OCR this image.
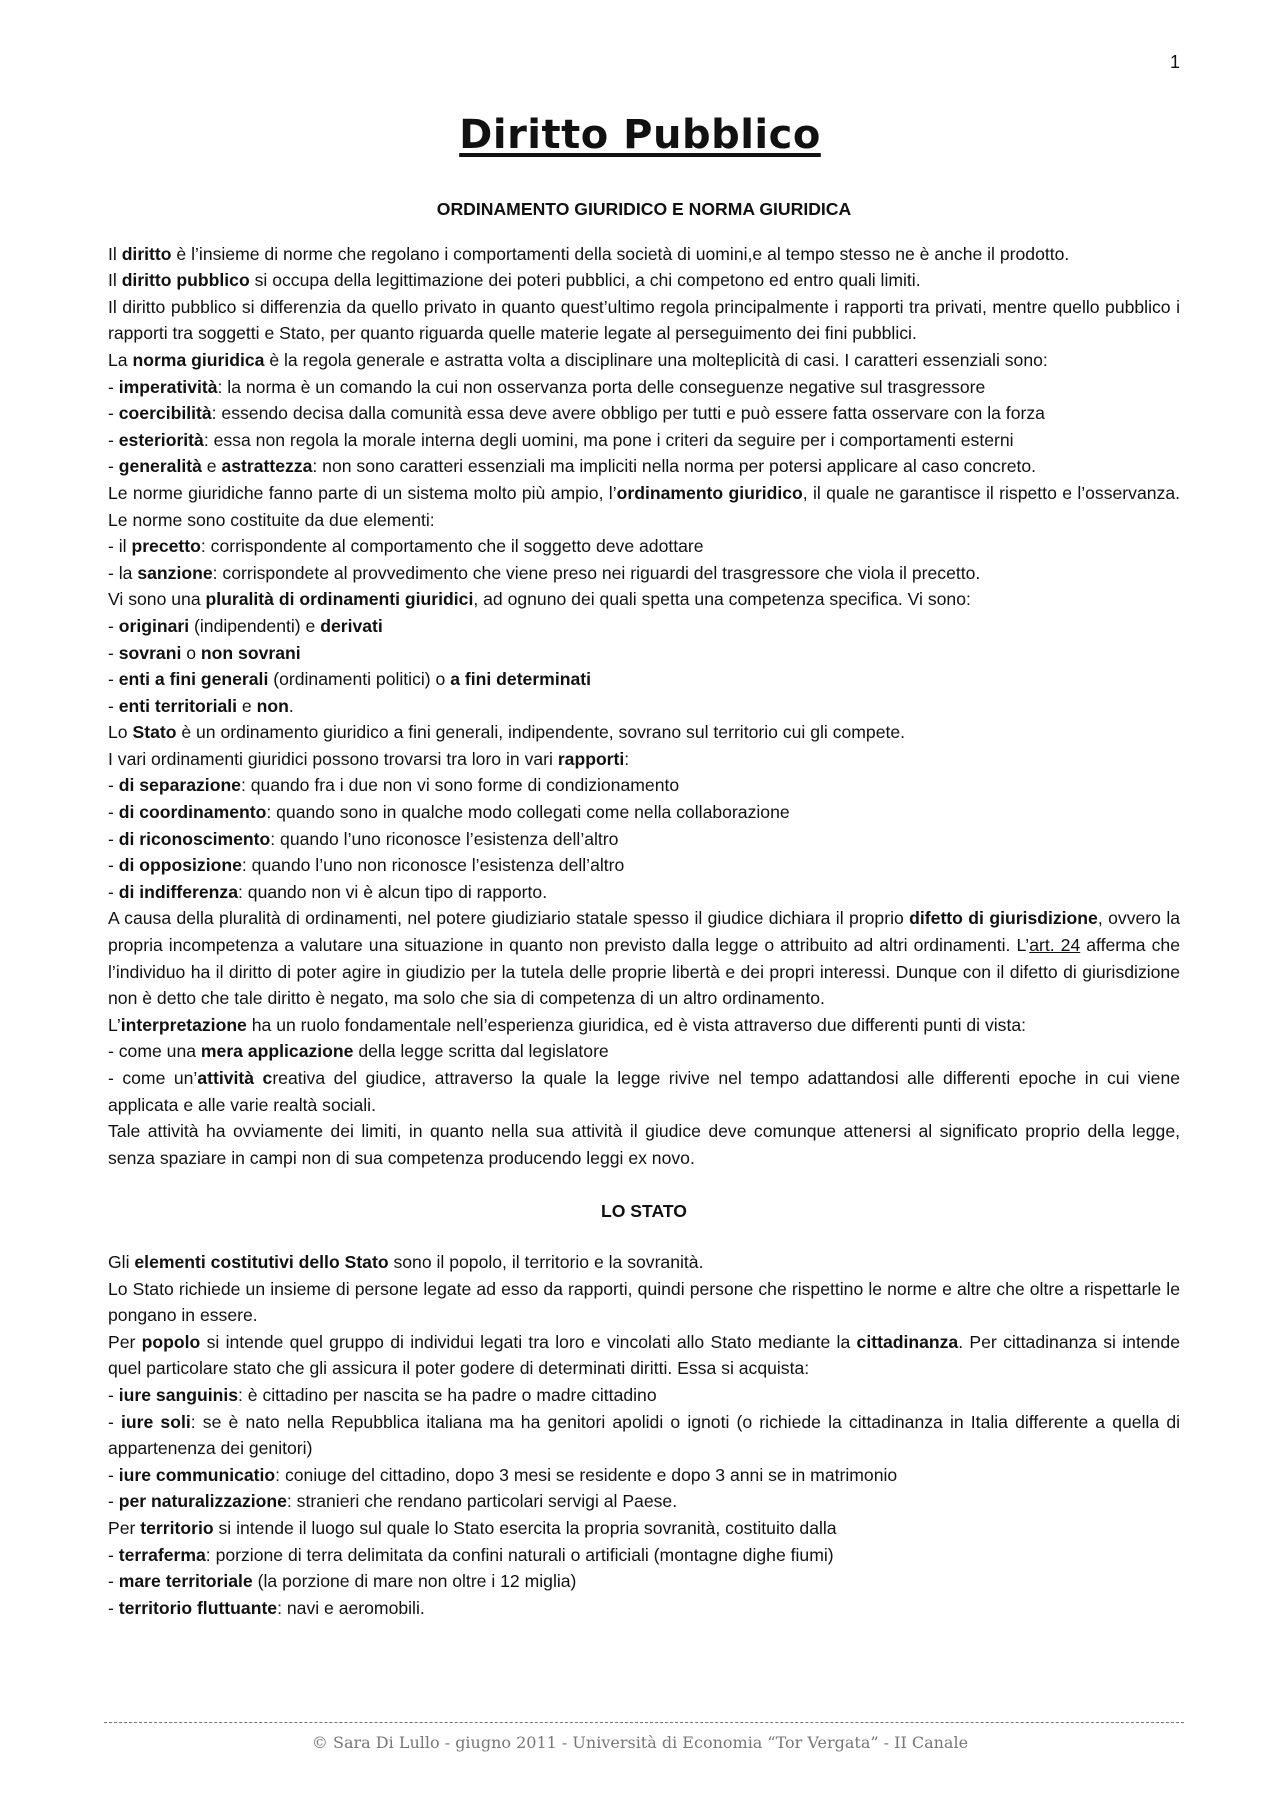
1
Diritto Pubblico
ORDINAMENTO GIURIDICO E NORMA GIURIDICA

Il diritto è l’insieme di norme che regolano i comportamenti della società di uomini,e al tempo stesso ne è anche il prodotto.

Il diritto pubblico si occupa della legittimazione dei poteri pubblici, a chi competono ed entro quali limiti.

Il diritto pubblico si differenzia da quello privato in quanto quest’ultimo regola principalmente i rapporti tra privati, mentre quello pubblico i rapporti tra soggetti e Stato, per quanto riguarda quelle materie legate al perseguimento dei fini pubblici.

La norma giuridica è la regola generale e astratta volta a disciplinare una molteplicità di casi. I caratteri essenziali sono:

- imperatività: la norma è un comando la cui non osservanza porta delle conseguenze negative sul trasgressore

- coercibilità: essendo decisa dalla comunità essa deve avere obbligo per tutti e può essere fatta osservare con la forza

- esteriorità: essa non regola la morale interna degli uomini, ma pone i criteri da seguire per i comportamenti esterni

- generalità e astrattezza: non sono caratteri essenziali ma impliciti nella norma per potersi applicare al caso concreto.

Le norme giuridiche fanno parte di un sistema molto più ampio, l’ordinamento giuridico, il quale ne garantisce il rispetto e l’osservanza. Le norme sono costituite da due elementi:

- il precetto: corrispondente al comportamento che il soggetto deve adottare

- la sanzione: corrispondete al provvedimento che viene preso nei riguardi del trasgressore che viola il precetto.

Vi sono una pluralità di ordinamenti giuridici, ad ognuno dei quali spetta una competenza specifica. Vi sono:

- originari (indipendenti) e derivati

- sovrani o non sovrani

- enti a fini generali (ordinamenti politici) o a fini determinati

- enti territoriali e non.

Lo Stato è un ordinamento giuridico a fini generali, indipendente, sovrano sul territorio cui gli compete.

I vari ordinamenti giuridici possono trovarsi tra loro in vari rapporti:

- di separazione: quando fra i due non vi sono forme di condizionamento

- di coordinamento: quando sono in qualche modo collegati come nella collaborazione

- di riconoscimento: quando l’uno riconosce l’esistenza dell’altro

- di opposizione: quando l’uno non riconosce l’esistenza dell’altro

- di indifferenza: quando non vi è alcun tipo di rapporto.

A causa della pluralità di ordinamenti, nel potere giudiziario statale spesso il giudice dichiara il proprio difetto di giurisdizione, ovvero la propria incompetenza a valutare una situazione in quanto non previsto dalla legge o attribuito ad altri ordinamenti. L’art. 24 afferma che l’individuo ha il diritto di poter agire in giudizio per la tutela delle proprie libertà e dei propri interessi. Dunque con il difetto di giurisdizione non è detto che tale diritto è negato, ma solo che sia di competenza di un altro ordinamento.

L’interpretazione ha un ruolo fondamentale nell’esperienza giuridica, ed è vista attraverso due differenti punti di vista:

- come una mera applicazione della legge scritta dal legislatore

- come un’attività creativa del giudice, attraverso la quale la legge rivive nel tempo adattandosi alle differenti epoche in cui viene applicata e alle varie realtà sociali.

Tale attività ha ovviamente dei limiti, in quanto nella sua attività il giudice deve comunque attenersi al significato proprio della legge, senza spaziare in campi non di sua competenza producendo leggi ex novo.

LO STATO

Gli elementi costitutivi dello Stato sono il popolo, il territorio e la sovranità.

Lo Stato richiede un insieme di persone legate ad esso da rapporti, quindi persone che rispettino le norme e altre che oltre a rispettarle le pongano in essere.

Per popolo si intende quel gruppo di individui legati tra loro e vincolati allo Stato mediante la cittadinanza. Per cittadinanza si intende quel particolare stato che gli assicura il poter godere di determinati diritti. Essa si acquista:

- iure sanguinis: è cittadino per nascita se ha padre o madre cittadino

- iure soli: se è nato nella Repubblica italiana ma ha genitori apolidi o ignoti (o richiede la cittadinanza in Italia differente a quella di appartenenza dei genitori)

- iure communicatio: coniuge del cittadino, dopo 3 mesi se residente e dopo 3 anni se in matrimonio

- per naturalizzazione: stranieri che rendano particolari servigi al Paese.

Per territorio si intende il luogo sul quale lo Stato esercita la propria sovranità, costituito dalla

- terraferma: porzione di terra delimitata da confini naturali o artificiali (montagne dighe fiumi)

- mare territoriale (la porzione di mare non oltre i 12 miglia)

- territorio fluttuante: navi e aeromobili.

© Sara Di Lullo - giugno 2011 - Università di Economia “Tor Vergata” - II Canale
